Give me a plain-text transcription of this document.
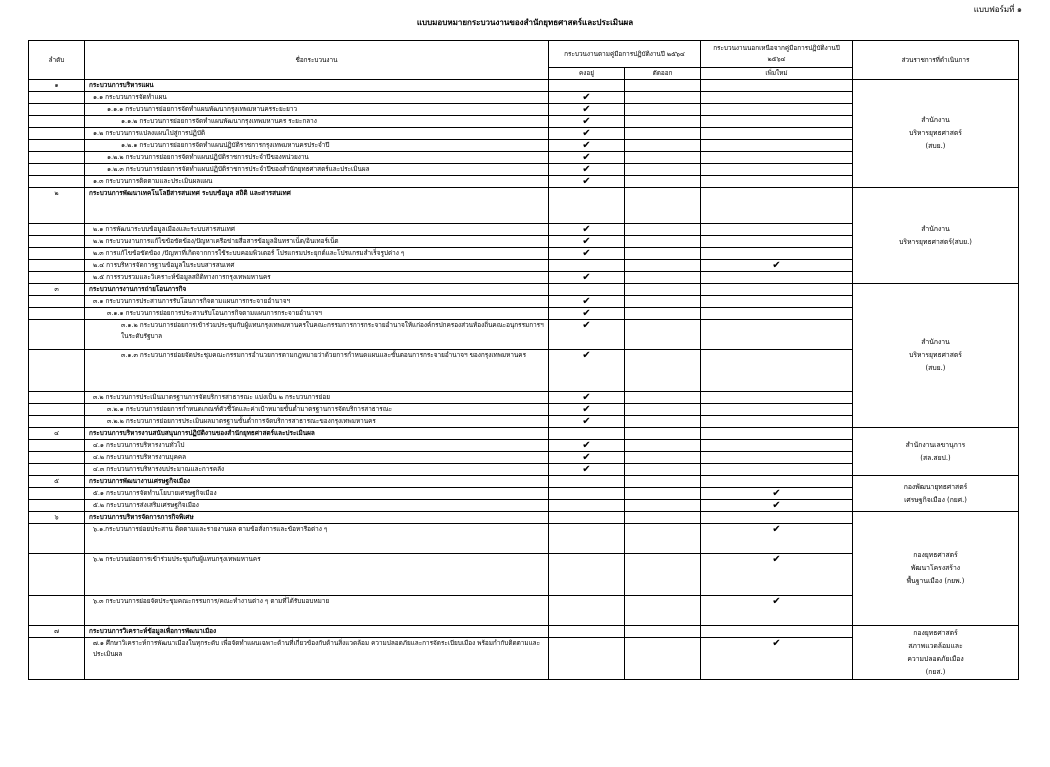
แบบฟอร์มที่ ๑
แบบมอบหมายกระบวนงานของสำนักยุทธศาสตร์และประเมินผล
ลำดับ	ชื่อกระบวนงาน	กระบวนงานตามคู่มือการปฏิบัติงานปี ๒๕๖๔		กระบวนงานนอกเหนือจากคู่มือการปฏิบัติงานปี ๒๕๖๔	ส่วนราชการที่ดำเนินการ
		คงอยู่	ตัดออก	เพิ่มใหม่	
๑	กระบวนการบริหารแผน				สำนักงาน
บริหารยุทธศาสตร์
(สบย.)

	๑.๑ กระบวนการจัดทำแผน	✔			
	๑.๑.๑ กระบวนการย่อยการจัดทำแผนพัฒนากรุงเทพมหานครระยะยาว	✔			
	๑.๑.๒ กระบวนการย่อยการจัดทำแผนพัฒนากรุงเทพมหานคร ระยะกลาง	✔			
	๑.๒ กระบวนการแปลงแผนไปสู่การปฏิบัติ	✔			
	๑.๒.๑ กระบวนการย่อยการจัดทำแผนปฏิบัติราชการกรุงเทพมหานครประจำปี	✔			
	๑.๒.๒ กระบวนการย่อยการจัดทำแผนปฏิบัติราชการประจำปีของหน่วยงาน	✔			
	๑.๒.๓ กระบวนการย่อยการจัดทำแผนปฏิบัติราชการประจำปีของสำนักยุทธศาสตร์และประเมินผล	✔			
	๑.๓ กระบวนการติดตามและประเมินผลแผน	✔			
๒	กระบวนการพัฒนาเทคโนโลยีสารสนเทศ ระบบข้อมูล สถิติ และสารสนเทศ				สำนักงาน
บริหารยุทธศาสตร์(สบย.)

	๒.๑ การพัฒนาระบบข้อมูลเมืองและระบบสารสนเทศ	✔			
	๒.๒ กระบวนงานการแก้ไขข้อขัดข้อง/ปัญหาเครือข่ายสื่อสารข้อมูลอินทราเน็ต/อินเทอร์เน็ต	✔			
	๒.๓ การแก้ไขข้อขัดข้อง /ปัญหาที่เกิดจากการใช้ระบบคอมพิวเตอร์ โปรแกรมประยุกต์และโปรแกรมสำเร็จรูปต่าง ๆ	✔			
	๒.๔ การบริหารจัดการฐานข้อมูลในระบบสารสนเทศ			✔	
	๒.๕ การรวบรวมและวิเคราะห์ข้อมูลสถิติทางการกรุงเทพมหานคร	✔			
๓	กระบวนการงานการถ่ายโอนภารกิจ				สำนักงาน
บริหารยุทธศาสตร์
(สบย.)

	๓.๑ กระบวนการประสานการรับโอนการกิจตามแผนการกระจายอำนาจฯ	✔			
	๓.๑.๑ กระบวนการย่อยการประสานรับโอนภารกิจตามแผนการกระจายอำนาจฯ	✔			
	๓.๑.๒ กระบวนการย่อยการเข้าร่วมประชุมกับผู้แทนกรุงเทพมหานครในคณะกรรมการการกระจายอำนาจให้แก่องค์กรปกครองส่วนท้องถิ่นคณะอนุกรรมการฯ ในระดับรัฐบาล	✔			
	๓.๑.๓ กระบวนการย่อยจัดประชุมคณะกรรมการอำนวยการตามกฎหมายว่าด้วยการกำหนดแผนและขั้นตอนการกระจายอำนาจฯ ของกรุงเทพมหานคร	✔			
	๓.๒ กระบวนการประเมินมาตรฐานการจัดบริการสาธารณะ แบ่งเป็น ๒ กระบวนการย่อย	✔			
	๓.๒.๑ กระบวนการย่อยการกำหนดเกณฑ์ตัวชี้วัดและค่าเป้าหมายขั้นต่ำมาตรฐานการจัดบริการสาธารณะ	✔			
	๓.๒.๒ กระบวนการย่อยการประเมินผลมาตรฐานขั้นต่ำการจัดบริการสาธารณะของกรุงเทพมหานคร	✔			
๔	กระบวนการบริหารงานสนับสนุนการปฏิบัติงานของสำนักยุทธศาสตร์และประเมินผล				สำนักงานเลขานุการ
(สล.สยป.)

	๔.๑ กระบวนการบริหารงานทั่วไป	✔			
	๔.๒ กระบวนการบริหารงานบุคคล	✔			
	๔.๓ กระบวนการบริหารงบประมาณและการคลัง	✔			
๕	กระบวนการพัฒนางานเศรษฐกิจเมือง				กองพัฒนายุทธศาสตร์
เศรษฐกิจเมือง (กยศ.)

	๕.๑ กระบวนการจัดทำนโยบายเศรษฐกิจเมือง			✔	
	๕.๒ กระบวนการส่งเสริมเศรษฐกิจเมือง			✔	
๖	กระบวนการบริหารจัดการภารกิจพิเศษ				กองยุทธศาสตร์
พัฒนาโครงสร้าง
พื้นฐานเมือง (กยพ.)

	๖.๑.กระบวนการย่อยประสาน ติดตามและรายงานผล ตามข้อสั่งการและข้อหารือต่าง ๆ			✔	
	๖.๒ กระบวนย่อยการเข้าร่วมประชุมกับผู้แทนกรุงเทพมหานคร			✔	
	๖.๓ กระบวนการย่อยจัดประชุมคณะกรรมการ/คณะทำงานต่าง ๆ ตามที่ได้รับมอบหมาย			✔	
๗	กระบวนการวิเคราะห์ข้อมูลเพื่อการพัฒนาเมือง				กองยุทธศาสตร์
สภาพแวดล้อมและ
ความปลอดภัยเมือง
(กยส.)

	๗.๑ ศึกษาวิเคราะห์การพัฒนาเมืองในทุกระดับ เพื่อจัดทำแผนเฉพาะด้านที่เกี่ยวข้องกับด้านสิ่งแวดล้อม ความปลอดภัยและการจัดระเบียบเมือง พร้อมกำกับติดตามและประเมินผล			✔	
